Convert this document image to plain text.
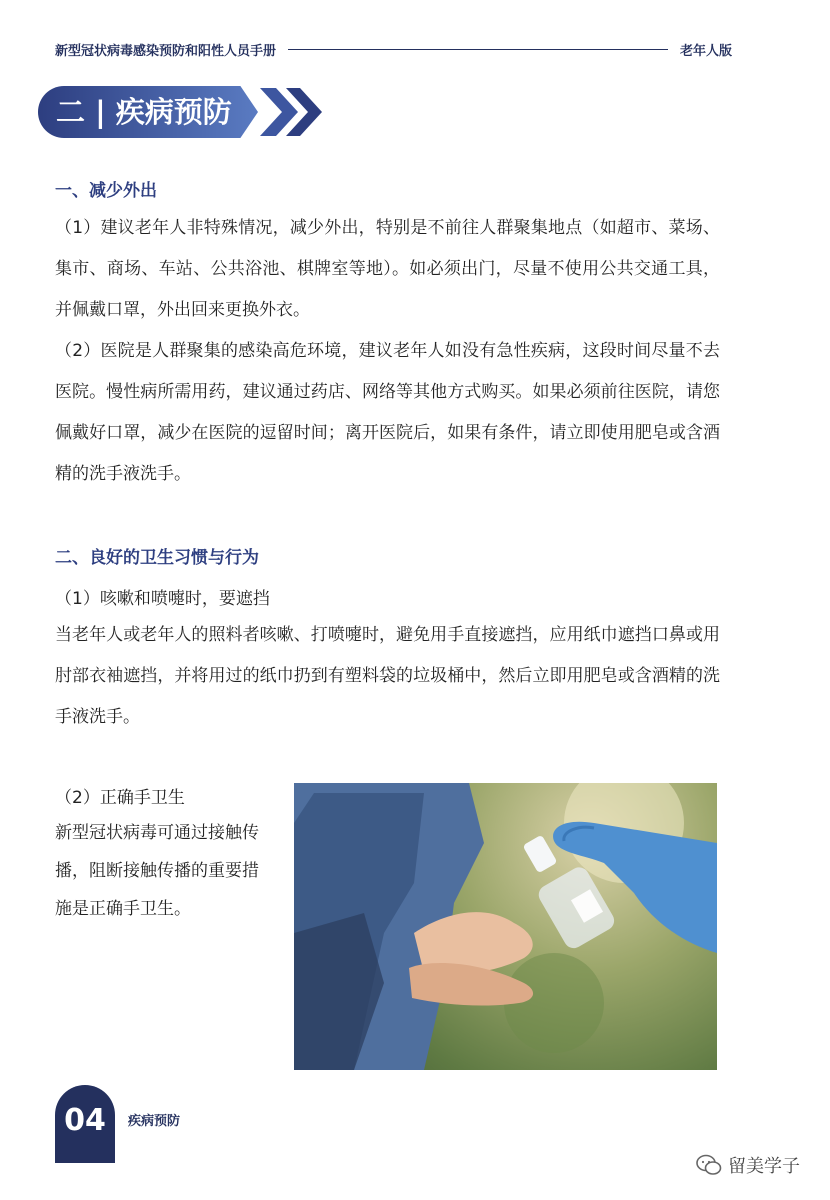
新型冠状病毒感染预防和阳性人员手册	老年人版
二 | 疾病预防
一、减少外出

（1）建议老年人非特殊情况，减少外出，特别是不前往人群聚集地点（如超市、菜场、集市、商场、车站、公共浴池、棋牌室等地）。如必须出门，尽量不使用公共交通工具，并佩戴口罩，外出回来更换外衣。

（2）医院是人群聚集的感染高危环境，建议老年人如没有急性疾病，这段时间尽量不去医院。慢性病所需用药，建议通过药店、网络等其他方式购买。如果必须前往医院，请您佩戴好口罩，减少在医院的逗留时间；离开医院后，如果有条件，请立即使用肥皂或含酒精的洗手液洗手。

二、良好的卫生习惯与行为
（1）咳嗽和喷嚏时，要遮挡

当老年人或老年人的照料者咳嗽、打喷嚏时，避免用手直接遮挡，应用纸巾遮挡口鼻或用肘部衣袖遮挡，并将用过的纸巾扔到有塑料袋的垃圾桶中，然后立即用肥皂或含酒精的洗手液洗手。

（2）正确手卫生

新型冠状病毒可通过接触传播，阻断接触传播的重要措施是正确手卫生。

04	疾病预防
留美学子
